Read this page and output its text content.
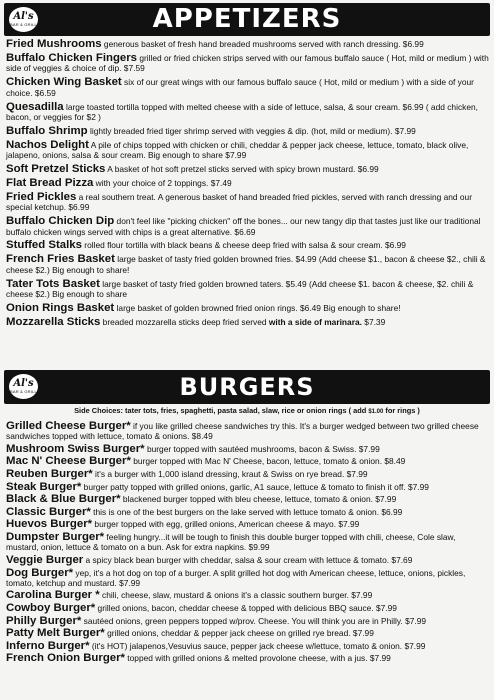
Al's
BAR & GRILL	APPETIZERS
Fried Mushrooms generous basket of fresh hand breaded mushrooms served with ranch dressing. $6.99
Buffalo Chicken Fingers grilled or fried chicken strips served with our famous buffalo sauce ( Hot, mild or medium ) with side of veggies & choice of dip. $7.59
Chicken Wing Basket six of our great wings with our famous buffalo sauce ( Hot, mild or medium ) with a side of your choice. $6.59
Quesadilla large toasted tortilla topped with melted cheese with a side of lettuce, salsa, & sour cream. $6.99 ( add chicken, bacon, or veggies for $2 )
Buffalo Shrimp lightly breaded fried tiger shrimp served with veggies & dip. (hot, mild or medium). $7.99
Nachos Delight A pile of chips topped with chicken or chili, cheddar & pepper jack cheese, lettuce, tomato, black olive, jalapeno, onions, salsa & sour cream. Big enough to share $7.99
Soft Pretzel Sticks A basket of hot soft pretzel sticks served with spicy brown mustard. $6.99
Flat Bread Pizza with your choice of 2 toppings. $7.49
Fried Pickles a real southern treat. A generous basket of hand breaded fried pickles, served with ranch dressing and our special ketchup. $6.99
Buffalo Chicken Dip don't feel like "picking chicken" off the bones... our new tangy dip that tastes just like our traditional buffalo chicken wings served with chips is a great alternative. $6.69
Stuffed Stalks rolled flour tortilla with black beans & cheese deep fried with salsa & sour cream. $6.99
French Fries Basket large basket of tasty fried golden browned fries. $4.99 (Add cheese $1., bacon & cheese $2., chili & cheese $2.) Big enough to share!
Tater Tots Basket large basket of tasty fried golden browned taters. $5.49 (Add cheese $1. bacon & cheese, $2. chili & cheese $2.) Big enough to share
Onion Rings Basket large basket of golden browned fried onion rings. $6.49 Big enough to share!
Mozzarella Sticks breaded mozzarella sticks deep fried served with a side of marinara. $7.39
Al's
BAR & GRILL	BURGERS
Side Choices: tater tots, fries, spaghetti, pasta salad, slaw, rice or onion rings ( add $1.00 for rings )
Grilled Cheese Burger* if you like grilled cheese sandwiches try this. It's a burger wedged between two grilled cheese sandwiches topped with lettuce, tomato & onions. $8.49
Mushroom Swiss Burger* burger topped with sautéed mushrooms, bacon & Swiss. $7.99
Mac N' Cheese Burger* burger topped with Mac N' Cheese, bacon, lettuce, tomato & onion. $8.49
Reuben Burger* it's a burger with 1,000 island dressing, kraut & Swiss on rye bread. $7.99
Steak Burger* burger patty topped with grilled onions, garlic, A1 sauce, lettuce & tomato to finish it off. $7.99
Black & Blue Burger* blackened burger topped with bleu cheese, lettuce, tomato & onion. $7.99
Classic Burger* this is one of the best burgers on the lake served with lettuce tomato & onion. $6.99
Huevos Burger* burger topped with egg, grilled onions, American cheese & mayo. $7.99
Dumpster Burger* feeling hungry...it will be tough to finish this double burger topped with chili, cheese, Cole slaw, mustard, onion, lettuce & tomato on a bun. Ask for extra napkins. $9.99
Veggie Burger a spicy black bean burger with cheddar, salsa & sour cream with lettuce & tomato. $7.69
Dog Burger* yep, it's a hot dog on top of a burger. A split grilled hot dog with American cheese, lettuce, onions, pickles, tomato, ketchup and mustard. $7.99
Carolina Burger * chili, cheese, slaw, mustard & onions it's a classic southern burger. $7.99
Cowboy Burger* grilled onions, bacon, cheddar cheese & topped with delicious BBQ sauce. $7.99
Philly Burger* sautéed onions, green peppers topped w/prov. Cheese. You will think you are in Philly. $7.99
Patty Melt Burger* grilled onions, cheddar & pepper jack cheese on grilled rye bread. $7.99
Inferno Burger* (it's HOT) jalapenos,Vesuvius sauce, pepper jack cheese w/lettuce, tomato & onion. $7.99
French Onion Burger* topped with grilled onions & melted provolone cheese, with a jus. $7.99
